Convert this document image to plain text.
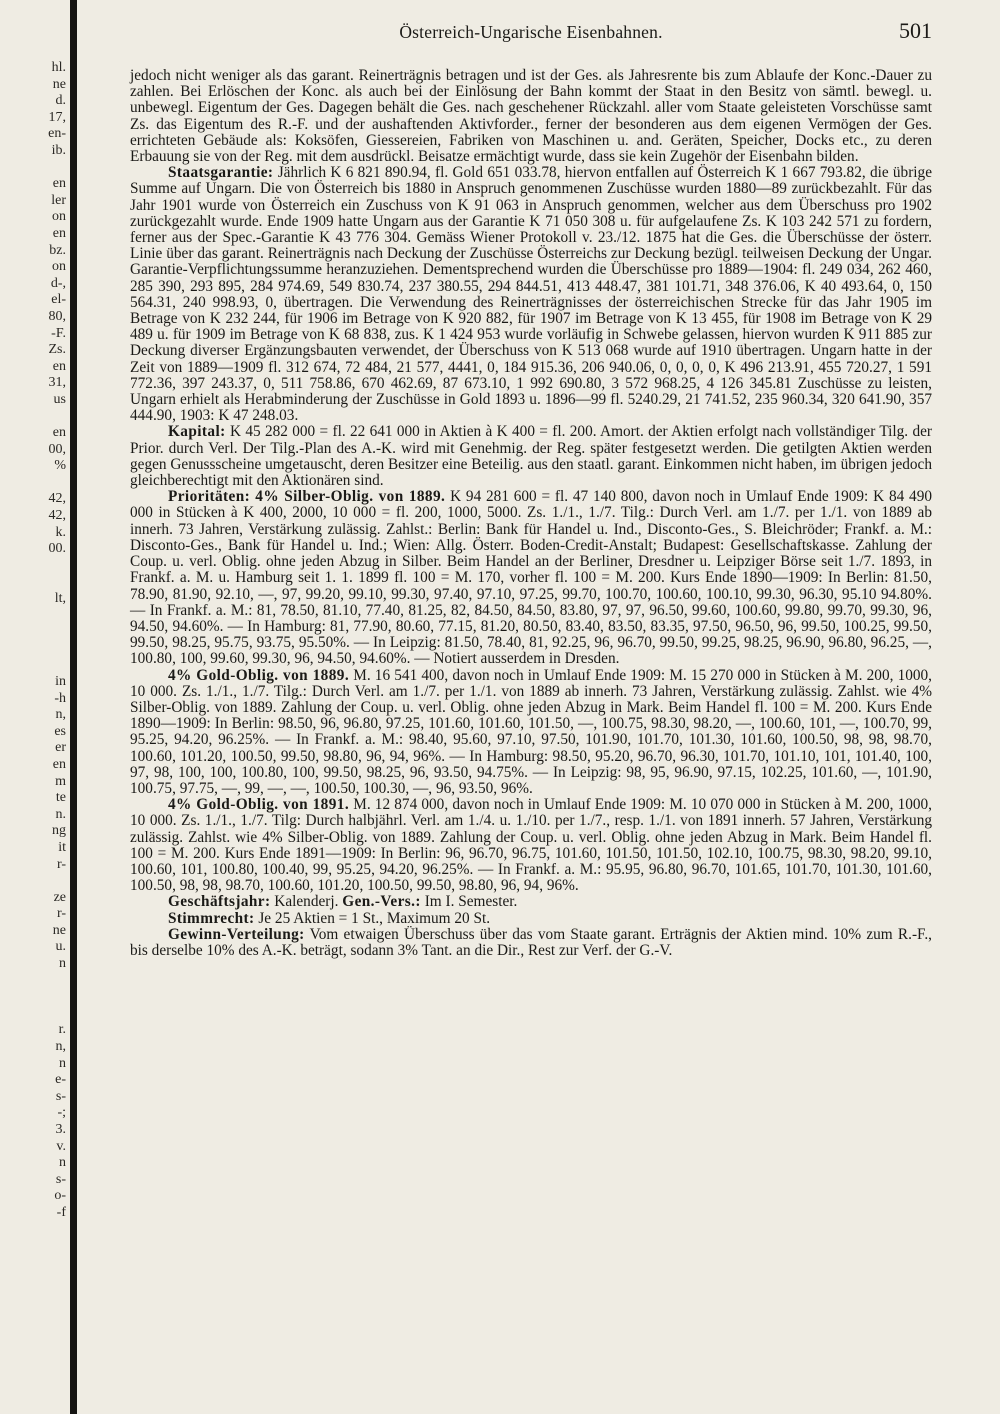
hl.
ne
d.
17,
en-
ib.

en
ler
on
en
bz.
on
d-,
el-
80,
-F.
Zs.
en
31,
us

en
00,
%

42,
42,
k.
00.

lt,

in
-h
n,
es
er
en
m
te
n.
ng
it
r-

ze
r-
ne
u.
n

r.
n,
n
e-
s-
-;
3.
v.
n
s-
o-
-f
Österreich-Ungarische Eisenbahnen.	501

jedoch nicht weniger als das garant. Reinerträgnis betragen und ist der Ges. als Jahresrente bis zum Ablaufe der Konc.-Dauer zu zahlen. Bei Erlöschen der Konc. als auch bei der Einlösung der Bahn kommt der Staat in den Besitz von sämtl. bewegl. u. unbewegl. Eigentum der Ges. Dagegen behält die Ges. nach geschehener Rückzahl. aller vom Staate geleisteten Vorschüsse samt Zs. das Eigentum des R.-F. und der aushaftenden Aktivforder., ferner der besonderen aus dem eigenen Vermögen der Ges. errichteten Gebäude als: Koksöfen, Giessereien, Fabriken von Maschinen u. and. Geräten, Speicher, Docks etc., zu deren Erbauung sie von der Reg. mit dem ausdrückl. Beisatze ermächtigt wurde, dass sie kein Zugehör der Eisenbahn bilden.

Staatsgarantie: Jährlich K 6 821 890.94, fl. Gold 651 033.78, hiervon entfallen auf Österreich K 1 667 793.82, die übrige Summe auf Ungarn. Die von Österreich bis 1880 in Anspruch genommenen Zuschüsse wurden 1880—89 zurückbezahlt. Für das Jahr 1901 wurde von Österreich ein Zuschuss von K 91 063 in Anspruch genommen, welcher aus dem Überschuss pro 1902 zurückgezahlt wurde. Ende 1909 hatte Ungarn aus der Garantie K 71 050 308 u. für aufgelaufene Zs. K 103 242 571 zu fordern, ferner aus der Spec.-Garantie K 43 776 304. Gemäss Wiener Protokoll v. 23./12. 1875 hat die Ges. die Überschüsse der österr. Linie über das garant. Reinerträgnis nach Deckung der Zuschüsse Österreichs zur Deckung bezügl. teilweisen Deckung der Ungar. Garantie-Verpflichtungssumme heranzuziehen. Dementsprechend wurden die Überschüsse pro 1889—1904: fl. 249 034, 262 460, 285 390, 293 895, 284 974.69, 549 830.74, 237 380.55, 294 844.51, 413 448.47, 381 101.71, 348 376.06, K 40 493.64, 0, 150 564.31, 240 998.93, 0, übertragen. Die Verwendung des Reinerträgnisses der österreichischen Strecke für das Jahr 1905 im Betrage von K 232 244, für 1906 im Betrage von K 920 882, für 1907 im Betrage von K 13 455, für 1908 im Betrage von K 29 489 u. für 1909 im Betrage von K 68 838, zus. K 1 424 953 wurde vorläufig in Schwebe gelassen, hiervon wurden K 911 885 zur Deckung diverser Ergänzungsbauten verwendet, der Überschuss von K 513 068 wurde auf 1910 übertragen. Ungarn hatte in der Zeit von 1889—1909 fl. 312 674, 72 484, 21 577, 4441, 0, 184 915.36, 206 940.06, 0, 0, 0, 0, K 496 213.91, 455 720.27, 1 591 772.36, 397 243.37, 0, 511 758.86, 670 462.69, 87 673.10, 1 992 690.80, 3 572 968.25, 4 126 345.81 Zuschüsse zu leisten, Ungarn erhielt als Herabminderung der Zuschüsse in Gold 1893 u. 1896—99 fl. 5240.29, 21 741.52, 235 960.34, 320 641.90, 357 444.90, 1903: K 47 248.03.

Kapital: K 45 282 000 = fl. 22 641 000 in Aktien à K 400 = fl. 200. Amort. der Aktien erfolgt nach vollständiger Tilg. der Prior. durch Verl. Der Tilg.-Plan des A.-K. wird mit Genehmig. der Reg. später festgesetzt werden. Die getilgten Aktien werden gegen Genussscheine umgetauscht, deren Besitzer eine Beteilig. aus den staatl. garant. Einkommen nicht haben, im übrigen jedoch gleichberechtigt mit den Aktionären sind.

Prioritäten: 4% Silber-Oblig. von 1889. K 94 281 600 = fl. 47 140 800, davon noch in Umlauf Ende 1909: K 84 490 000 in Stücken à K 400, 2000, 10 000 = fl. 200, 1000, 5000. Zs. 1./1., 1./7. Tilg.: Durch Verl. am 1./7. per 1./1. von 1889 ab innerh. 73 Jahren, Verstärkung zulässig. Zahlst.: Berlin: Bank für Handel u. Ind., Disconto-Ges., S. Bleichröder; Frankf. a. M.: Disconto-Ges., Bank für Handel u. Ind.; Wien: Allg. Österr. Boden-Credit-Anstalt; Budapest: Gesellschaftskasse. Zahlung der Coup. u. verl. Oblig. ohne jeden Abzug in Silber. Beim Handel an der Berliner, Dresdner u. Leipziger Börse seit 1./7. 1893, in Frankf. a. M. u. Hamburg seit 1. 1. 1899 fl. 100 = M. 170, vorher fl. 100 = M. 200. Kurs Ende 1890—1909: In Berlin: 81.50, 78.90, 81.90, 92.10, —, 97, 99.20, 99.10, 99.30, 97.40, 97.10, 97.25, 99.70, 100.70, 100.60, 100.10, 99.30, 96.30, 95.10 94.80%. — In Frankf. a. M.: 81, 78.50, 81.10, 77.40, 81.25, 82, 84.50, 84.50, 83.80, 97, 97, 96.50, 99.60, 100.60, 99.80, 99.70, 99.30, 96, 94.50, 94.60%. — In Hamburg: 81, 77.90, 80.60, 77.15, 81.20, 80.50, 83.40, 83.50, 83.35, 97.50, 96.50, 96, 99.50, 100.25, 99.50, 99.50, 98.25, 95.75, 93.75, 95.50%. — In Leipzig: 81.50, 78.40, 81, 92.25, 96, 96.70, 99.50, 99.25, 98.25, 96.90, 96.80, 96.25, —, 100.80, 100, 99.60, 99.30, 96, 94.50, 94.60%. — Notiert ausserdem in Dresden.

4% Gold-Oblig. von 1889. M. 16 541 400, davon noch in Umlauf Ende 1909: M. 15 270 000 in Stücken à M. 200, 1000, 10 000. Zs. 1./1., 1./7. Tilg.: Durch Verl. am 1./7. per 1./1. von 1889 ab innerh. 73 Jahren, Verstärkung zulässig. Zahlst. wie 4% Silber-Oblig. von 1889. Zahlung der Coup. u. verl. Oblig. ohne jeden Abzug in Mark. Beim Handel fl. 100 = M. 200. Kurs Ende 1890—1909: In Berlin: 98.50, 96, 96.80, 97.25, 101.60, 101.60, 101.50, —, 100.75, 98.30, 98.20, —, 100.60, 101, —, 100.70, 99, 95.25, 94.20, 96.25%. — In Frankf. a. M.: 98.40, 95.60, 97.10, 97.50, 101.90, 101.70, 101.30, 101.60, 100.50, 98, 98, 98.70, 100.60, 101.20, 100.50, 99.50, 98.80, 96, 94, 96%. — In Hamburg: 98.50, 95.20, 96.70, 96.30, 101.70, 101.10, 101, 101.40, 100, 97, 98, 100, 100, 100.80, 100, 99.50, 98.25, 96, 93.50, 94.75%. — In Leipzig: 98, 95, 96.90, 97.15, 102.25, 101.60, —, 101.90, 100.75, 97.75, —, 99, —, —, 100.50, 100.30, —, 96, 93.50, 96%.

4% Gold-Oblig. von 1891. M. 12 874 000, davon noch in Umlauf Ende 1909: M. 10 070 000 in Stücken à M. 200, 1000, 10 000. Zs. 1./1., 1./7. Tilg: Durch halbjährl. Verl. am 1./4. u. 1./10. per 1./7., resp. 1./1. von 1891 innerh. 57 Jahren, Verstärkung zulässig. Zahlst. wie 4% Silber-Oblig. von 1889. Zahlung der Coup. u. verl. Oblig. ohne jeden Abzug in Mark. Beim Handel fl. 100 = M. 200. Kurs Ende 1891—1909: In Berlin: 96, 96.70, 96.75, 101.60, 101.50, 101.50, 102.10, 100.75, 98.30, 98.20, 99.10, 100.60, 101, 100.80, 100.40, 99, 95.25, 94.20, 96.25%. — In Frankf. a. M.: 95.95, 96.80, 96.70, 101.65, 101.70, 101.30, 101.60, 100.50, 98, 98, 98.70, 100.60, 101.20, 100.50, 99.50, 98.80, 96, 94, 96%.

Geschäftsjahr: Kalenderj. Gen.-Vers.: Im I. Semester.

Stimmrecht: Je 25 Aktien = 1 St., Maximum 20 St.

Gewinn-Verteilung: Vom etwaigen Überschuss über das vom Staate garant. Erträgnis der Aktien mind. 10% zum R.-F., bis derselbe 10% des A.-K. beträgt, sodann 3% Tant. an die Dir., Rest zur Verf. der G.-V.
